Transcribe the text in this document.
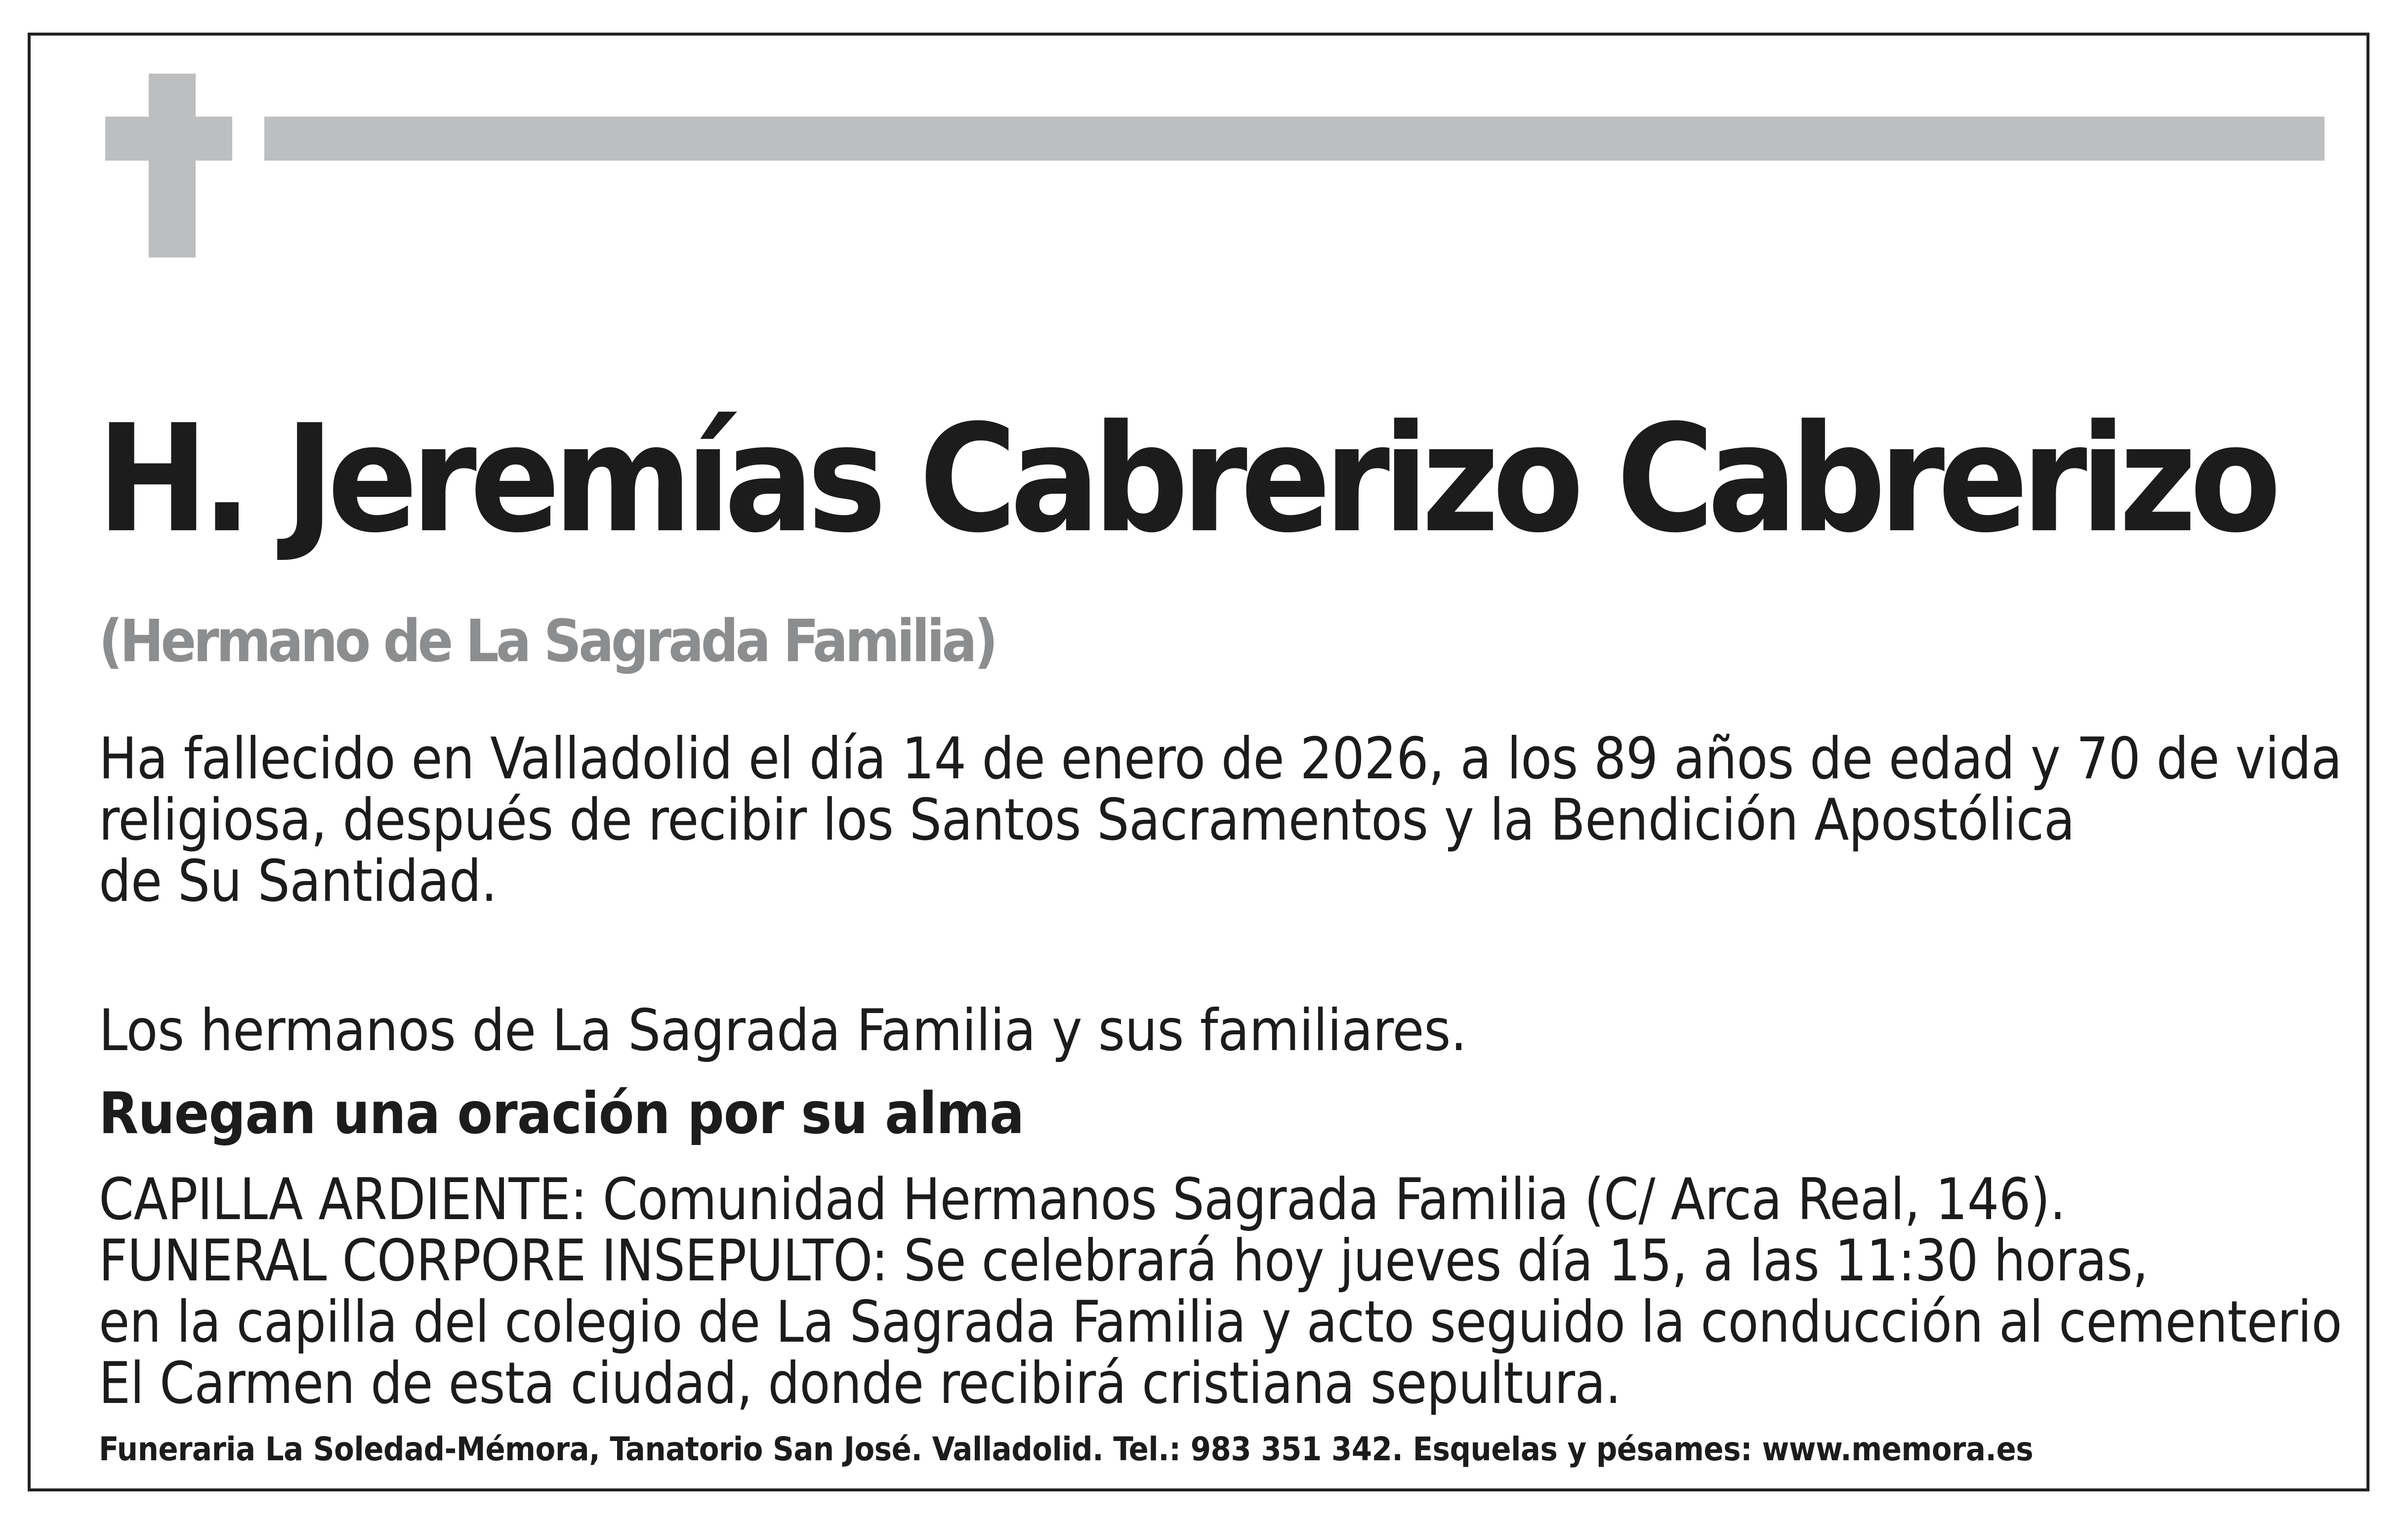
H. Jeremías Cabrerizo Cabrerizo
(Hermano de La Sagrada Familia)
Ha fallecido en Valladolid el día 14 de enero de 2026, a los 89 años de edad y 70 de vida
religiosa, después de recibir los Santos Sacramentos y la Bendición Apostólica
de Su Santidad.
Los hermanos de La Sagrada Familia y sus familiares.
Ruegan una oración por su alma
CAPILLA ARDIENTE: Comunidad Hermanos Sagrada Familia (C/ Arca Real, 146).
FUNERAL CORPORE INSEPULTO: Se celebrará hoy jueves día 15, a las 11:30 horas,
en la capilla del colegio de La Sagrada Familia y acto seguido la conducción al cementerio
El Carmen de esta ciudad, donde recibirá cristiana sepultura.
Funeraria La Soledad-Mémora, Tanatorio San José. Valladolid. Tel.: 983 351 342. Esquelas y pésames: www.memora.es
